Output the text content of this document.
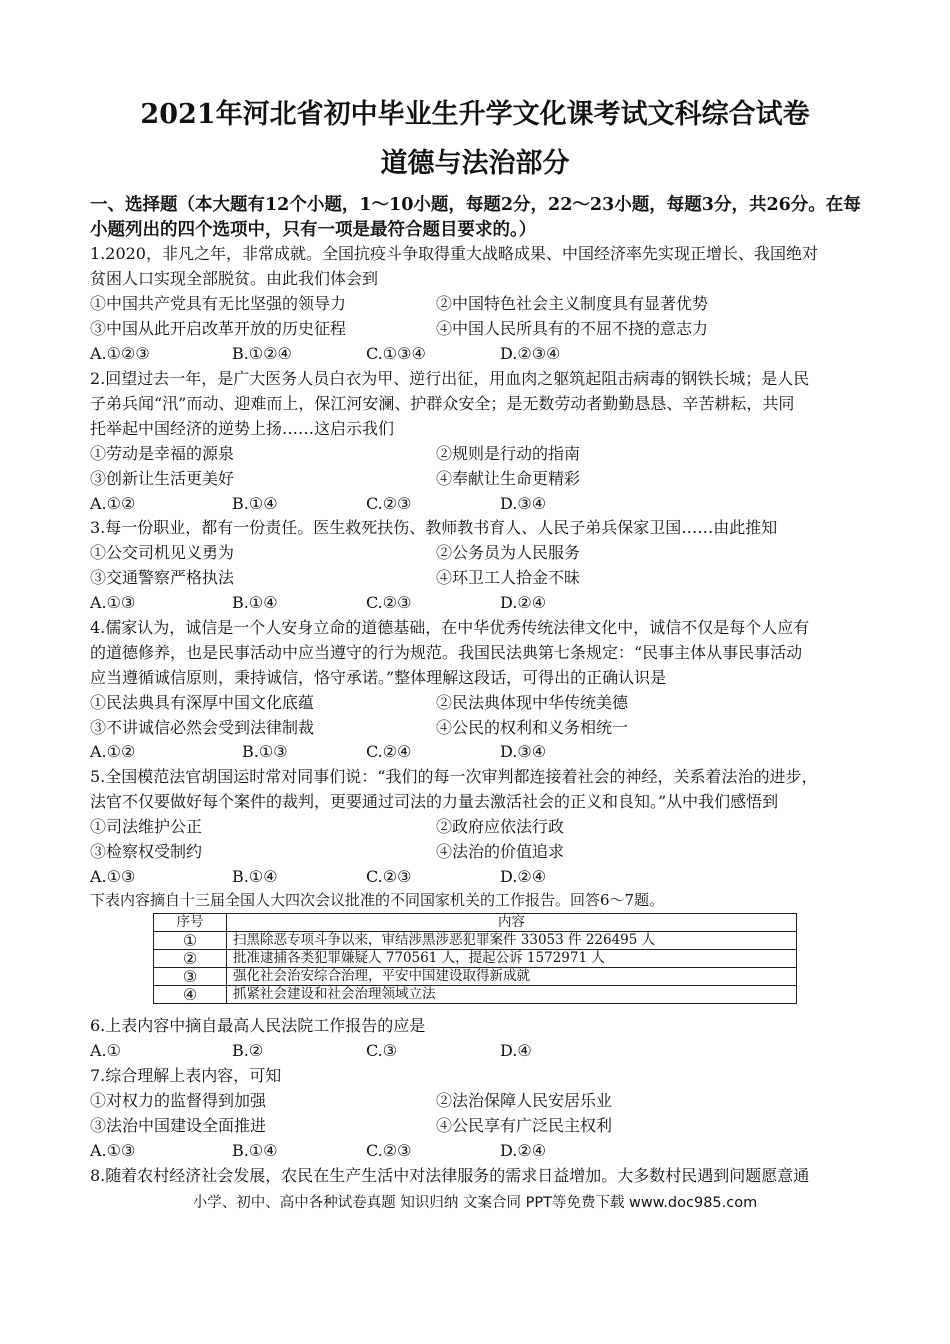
2021年河北省初中毕业生升学文化课考试文科综合试卷
道德与法治部分
一、选择题（本大题有12个小题，1～10小题，每题2分，22～23小题，每题3分，共26分。在每小题列出的四个选项中，只有一项是最符合题目要求的。）
1.2020，非凡之年，非常成就。全国抗疫斗争取得重大战略成果、中国经济率先实现正增长、我国绝对
贫困人口实现全部脱贫。由此我们体会到
①中国共产党具有无比坚强的领导力	②中国特色社会主义制度具有显著优势
③中国从此开启改革开放的历史征程	④中国人民所具有的不屈不挠的意志力
A.①②③	B.①②④	C.①③④	D.②③④
2.回望过去一年，是广大医务人员白衣为甲、逆行出征，用血肉之躯筑起阻击病毒的钢铁长城；是人民
子弟兵闻“汛”而动、迎难而上，保江河安澜、护群众安全；是无数劳动者勤勤恳恳、辛苦耕耘，共同
托举起中国经济的逆势上扬……这启示我们
①劳动是幸福的源泉	②规则是行动的指南
③创新让生活更美好	④奉献让生命更精彩
A.①②	B.①④	C.②③	D.③④
3.每一份职业，都有一份责任。医生救死扶伤、教师教书育人、人民子弟兵保家卫国……由此推知
①公交司机见义勇为	②公务员为人民服务
③交通警察严格执法	④环卫工人拾金不昧
A.①③	B.①④	C.②③	D.②④
4.儒家认为，诚信是一个人安身立命的道德基础，在中华优秀传统法律文化中，诚信不仅是每个人应有
的道德修养，也是民事活动中应当遵守的行为规范。我国民法典第七条规定：“民事主体从事民事活动
应当遵循诚信原则，秉持诚信，恪守承诺。”整体理解这段话，可得出的正确认识是
①民法典具有深厚中国文化底蕴	②民法典体现中华传统美德
③不讲诚信必然会受到法律制裁	④公民的权利和义务相统一
A.①②	B.①③	C.②④	D.③④
5.全国模范法官胡国运时常对同事们说：“我们的每一次审判都连接着社会的神经，关系着法治的进步，
法官不仅要做好每个案件的裁判，更要通过司法的力量去激活社会的正义和良知。”从中我们感悟到
①司法维护公正	②政府应依法行政
③检察权受制约	④法治的价值追求
A.①③	B.①④	C.②③	D.②④
下表内容摘自十三届全国人大四次会议批准的不同国家机关的工作报告。回答6～7题。
序号	内容
①	扫黑除恶专项斗争以来，审结涉黑涉恶犯罪案件 33053 件 226495 人
②	批准逮捕各类犯罪嫌疑人 770561 人，提起公诉 1572971 人
③	强化社会治安综合治理，平安中国建设取得新成就
④	抓紧社会建设和社会治理领域立法
6.上表内容中摘自最高人民法院工作报告的应是
A.①	B.②	C.③	D.④
7.综合理解上表内容，可知
①对权力的监督得到加强	②法治保障人民安居乐业
③法治中国建设全面推进	④公民享有广泛民主权利
A.①③	B.①④	C.②③	D.②④
8.随着农村经济社会发展，农民在生产生活中对法律服务的需求日益增加。大多数村民遇到问题愿意通
小学、初中、高中各种试卷真题 知识归纳 文案合同 PPT等免费下载 www.doc985.com
